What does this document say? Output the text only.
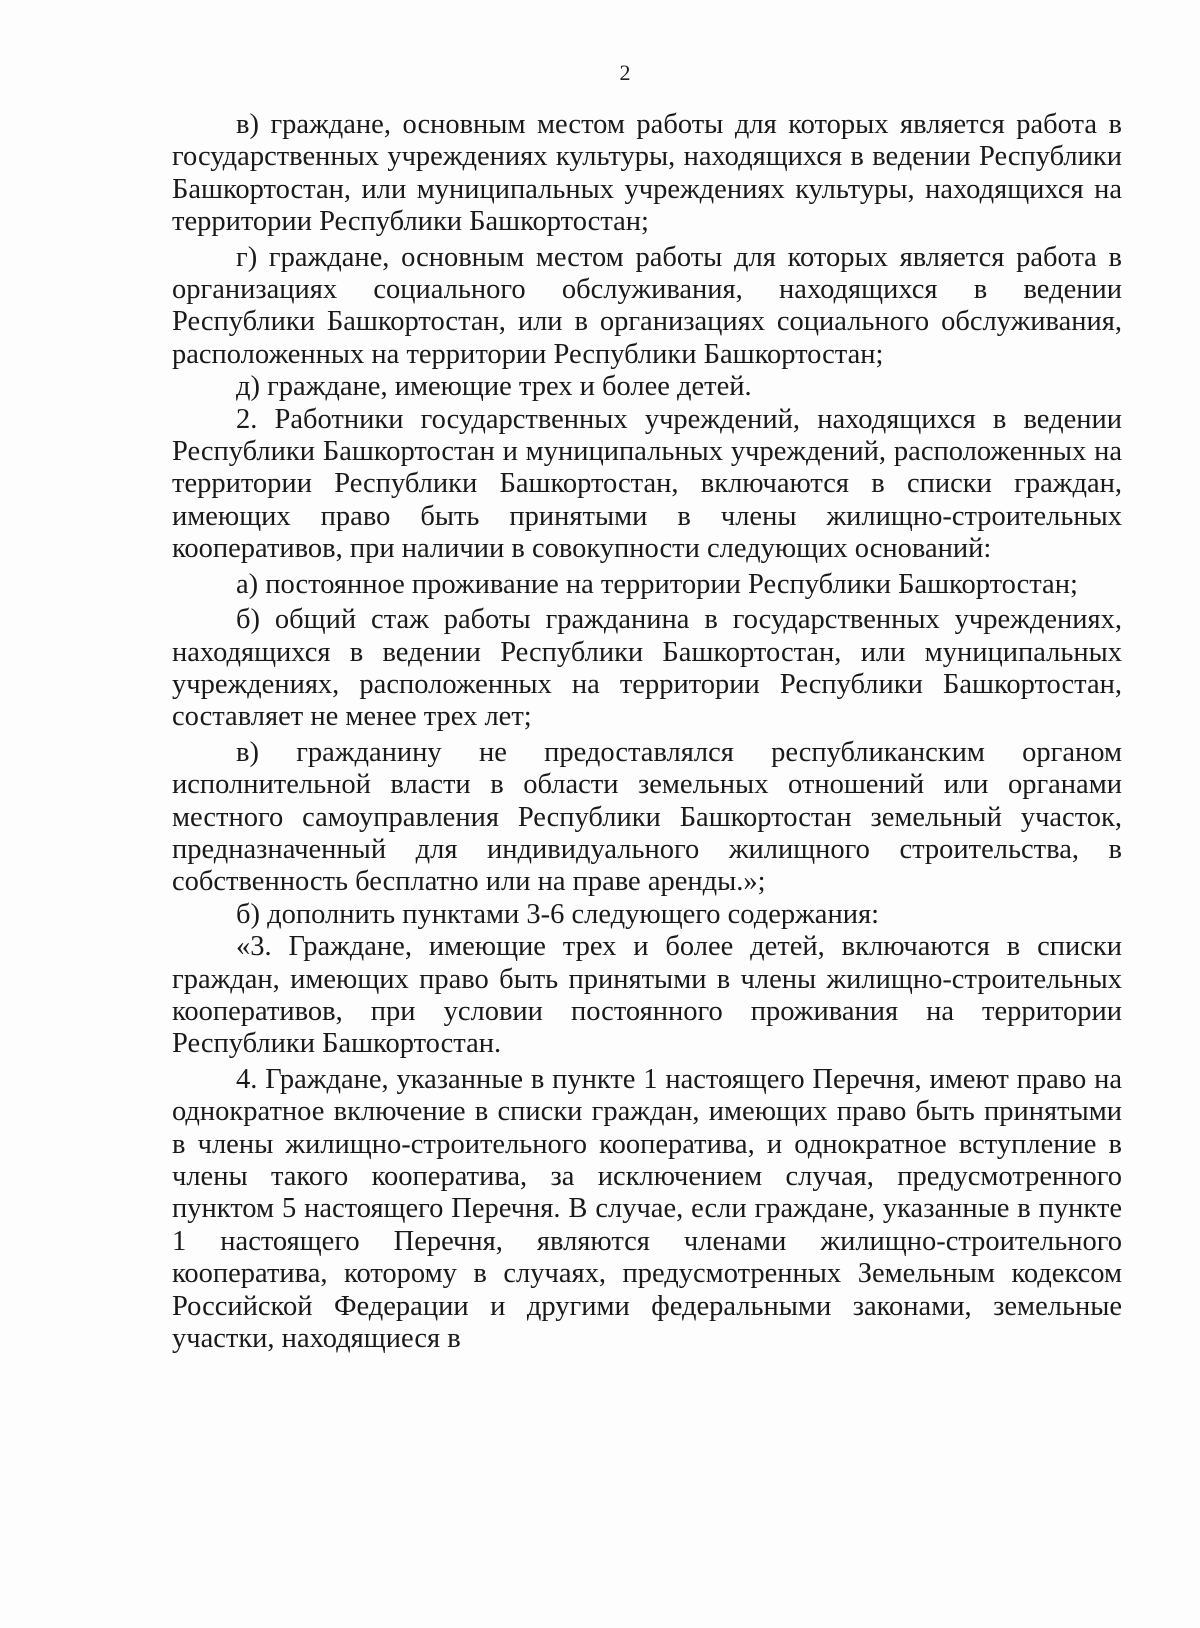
2

в) граждане, основным местом работы для которых является работа в государственных учреждениях культуры, находящихся в ведении Республики Башкортостан, или муниципальных учреждениях культуры, находящихся на территории Республики Башкортостан;

г) граждане, основным местом работы для которых является работа в организациях социального обслуживания, находящихся в ведении Республики Башкортостан, или в организациях социального обслуживания, расположенных на территории Республики Башкортостан;

д) граждане, имеющие трех и более детей.

2. Работники государственных учреждений, находящихся в ведении Республики Башкортостан и муниципальных учреждений, расположенных на территории Республики Башкортостан, включаются в списки граждан, имеющих право быть принятыми в члены жилищно-строительных кооперативов, при наличии в совокупности следующих оснований:

а) постоянное проживание на территории Республики Башкортостан;

б) общий стаж работы гражданина в государственных учреждениях, находящихся в ведении Республики Башкортостан, или муниципальных учреждениях, расположенных на территории Республики Башкортостан, составляет не менее трех лет;

в) гражданину не предоставлялся республиканским органом исполнительной власти в области земельных отношений или органами местного самоуправления Республики Башкортостан земельный участок, предназначенный для индивидуального жилищного строительства, в собственность бесплатно или на праве аренды.»;

б) дополнить пунктами 3-6 следующего содержания:

«3. Граждане, имеющие трех и более детей, включаются в списки граждан, имеющих право быть принятыми в члены жилищно-строительных кооперативов, при условии постоянного проживания на территории Республики Башкортостан.

4. Граждане, указанные в пункте 1 настоящего Перечня, имеют право на однократное включение в списки граждан, имеющих право быть принятыми в члены жилищно-строительного кооператива, и однократное вступление в члены такого кооператива, за исключением случая, предусмотренного пунктом 5 настоящего Перечня. В случае, если граждане, указанные в пункте 1 настоящего Перечня, являются членами жилищно-строительного кооператива, которому в случаях, предусмотренных Земельным кодексом Российской Федерации и другими федеральными законами, земельные участки, находящиеся в
